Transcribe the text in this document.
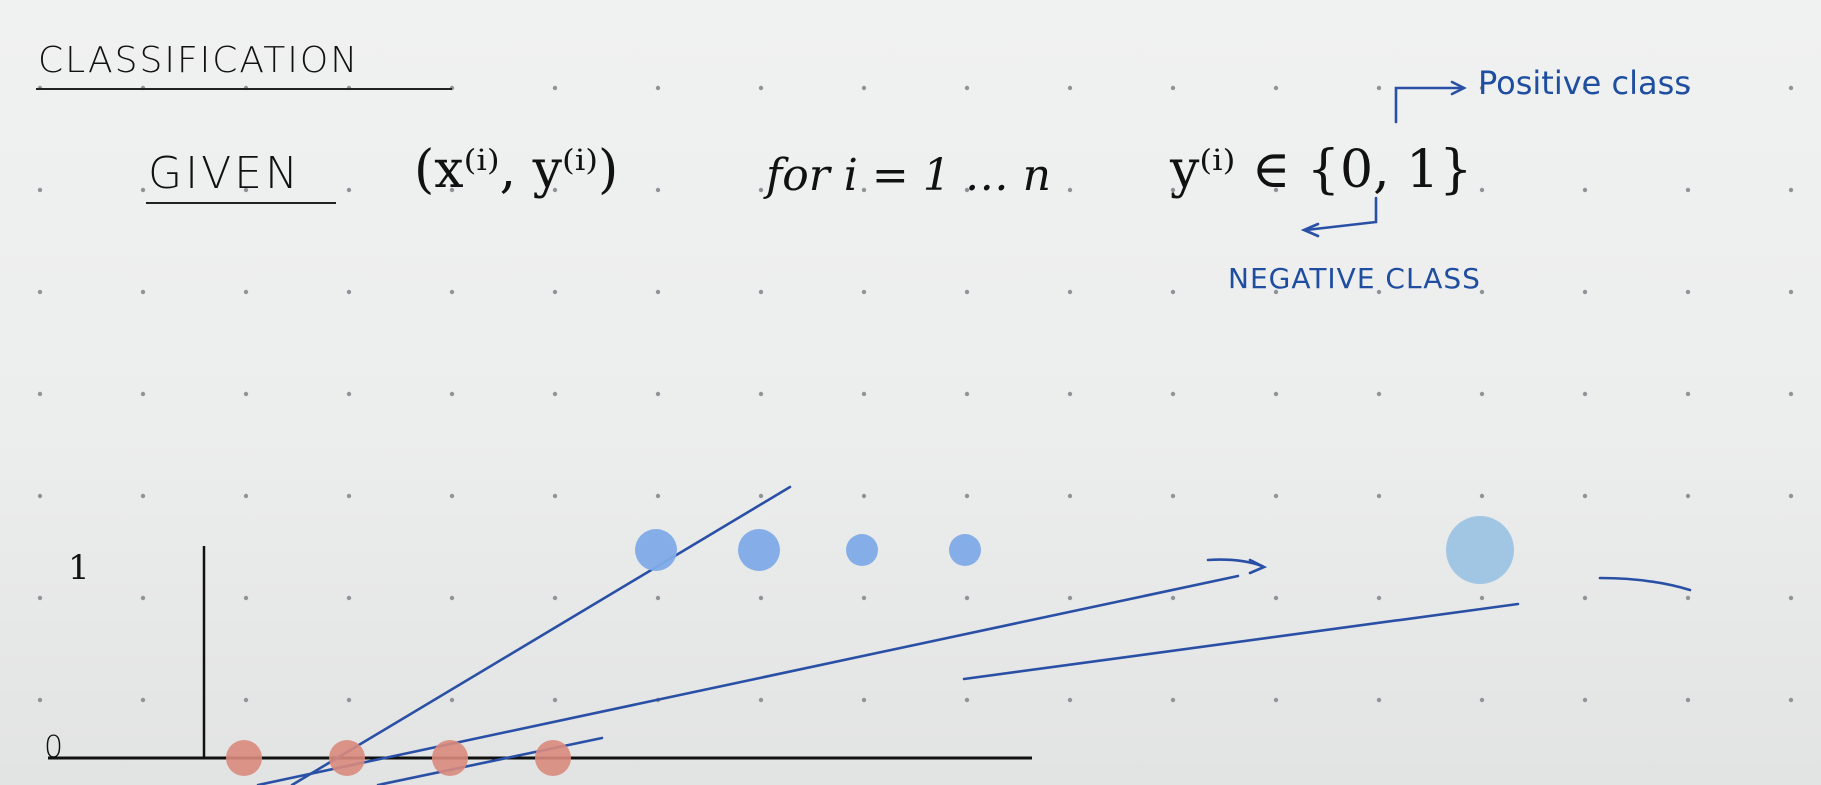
CLASSIFICATION
GIVEN (x⁽ⁱ⁾, y⁽ⁱ⁾)	for i = 1 … n y⁽ⁱ⁾ ∈ {0, 1}
Positive class
NEGATIVE CLASS
1
0
